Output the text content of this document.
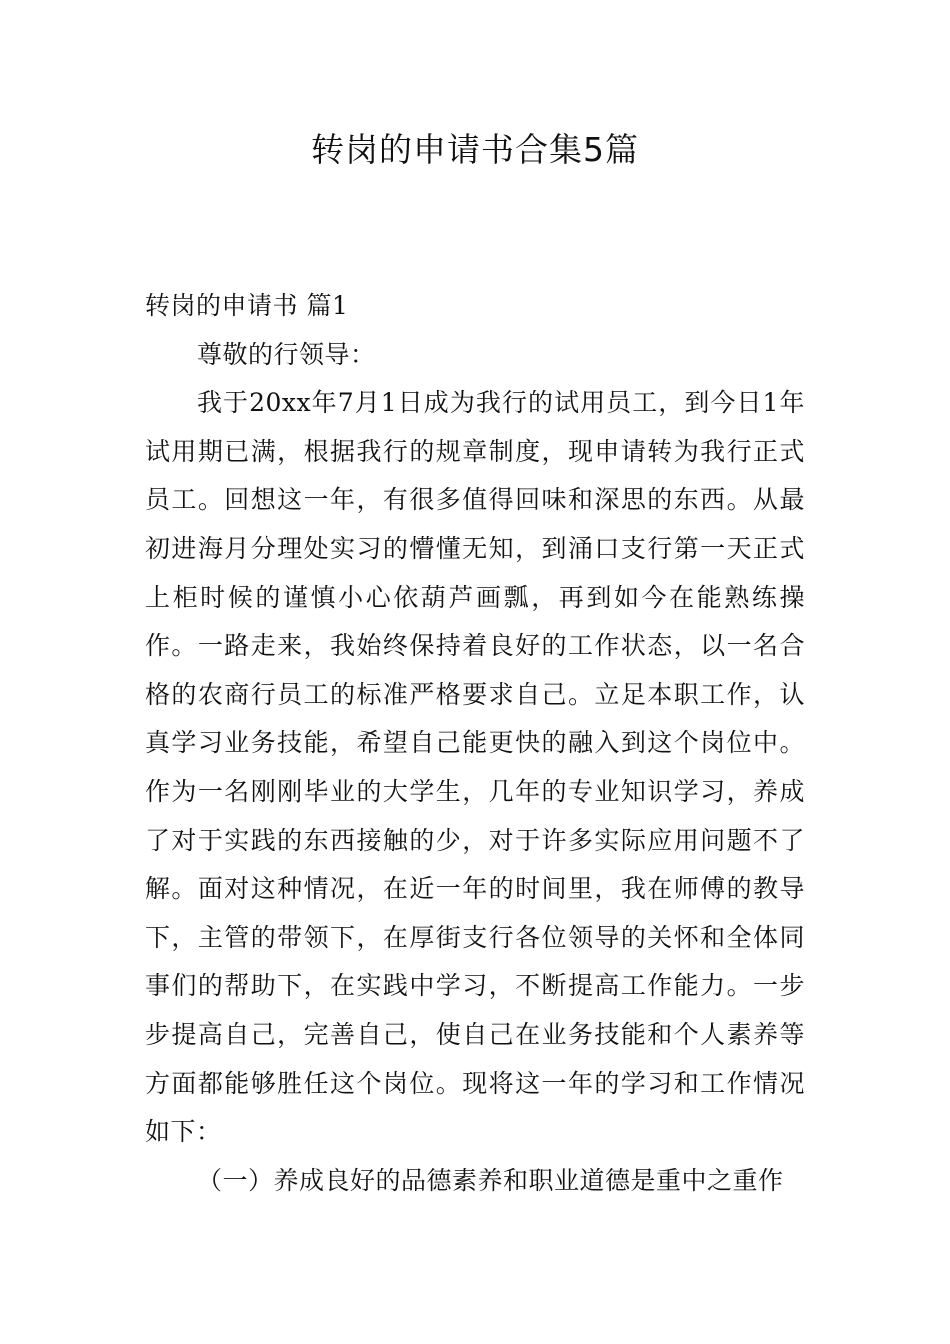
转岗的申请书合集5篇

转岗的申请书 篇1

尊敬的行领导：

我于20xx年7月1日成为我行的试用员工，到今日1年试用期已满，根据我行的规章制度，现申请转为我行正式员工。回想这一年，有很多值得回味和深思的东西。从最初进海月分理处实习的懵懂无知，到涌口支行第一天正式上柜时候的谨慎小心依葫芦画瓢，再到如今在能熟练操作。一路走来，我始终保持着良好的工作状态，以一名合格的农商行员工的标准严格要求自己。立足本职工作，认真学习业务技能，希望自己能更快的融入到这个岗位中。作为一名刚刚毕业的大学生，几年的专业知识学习，养成了对于实践的东西接触的少，对于许多实际应用问题不了解。面对这种情况，在近一年的时间里，我在师傅的教导下，主管的带领下，在厚街支行各位领导的关怀和全体同事们的帮助下，在实践中学习，不断提高工作能力。一步步提高自己，完善自己，使自己在业务技能和个人素养等方面都能够胜任这个岗位。现将这一年的学习和工作情况如下：

（一）养成良好的品德素养和职业道德是重中之重作
